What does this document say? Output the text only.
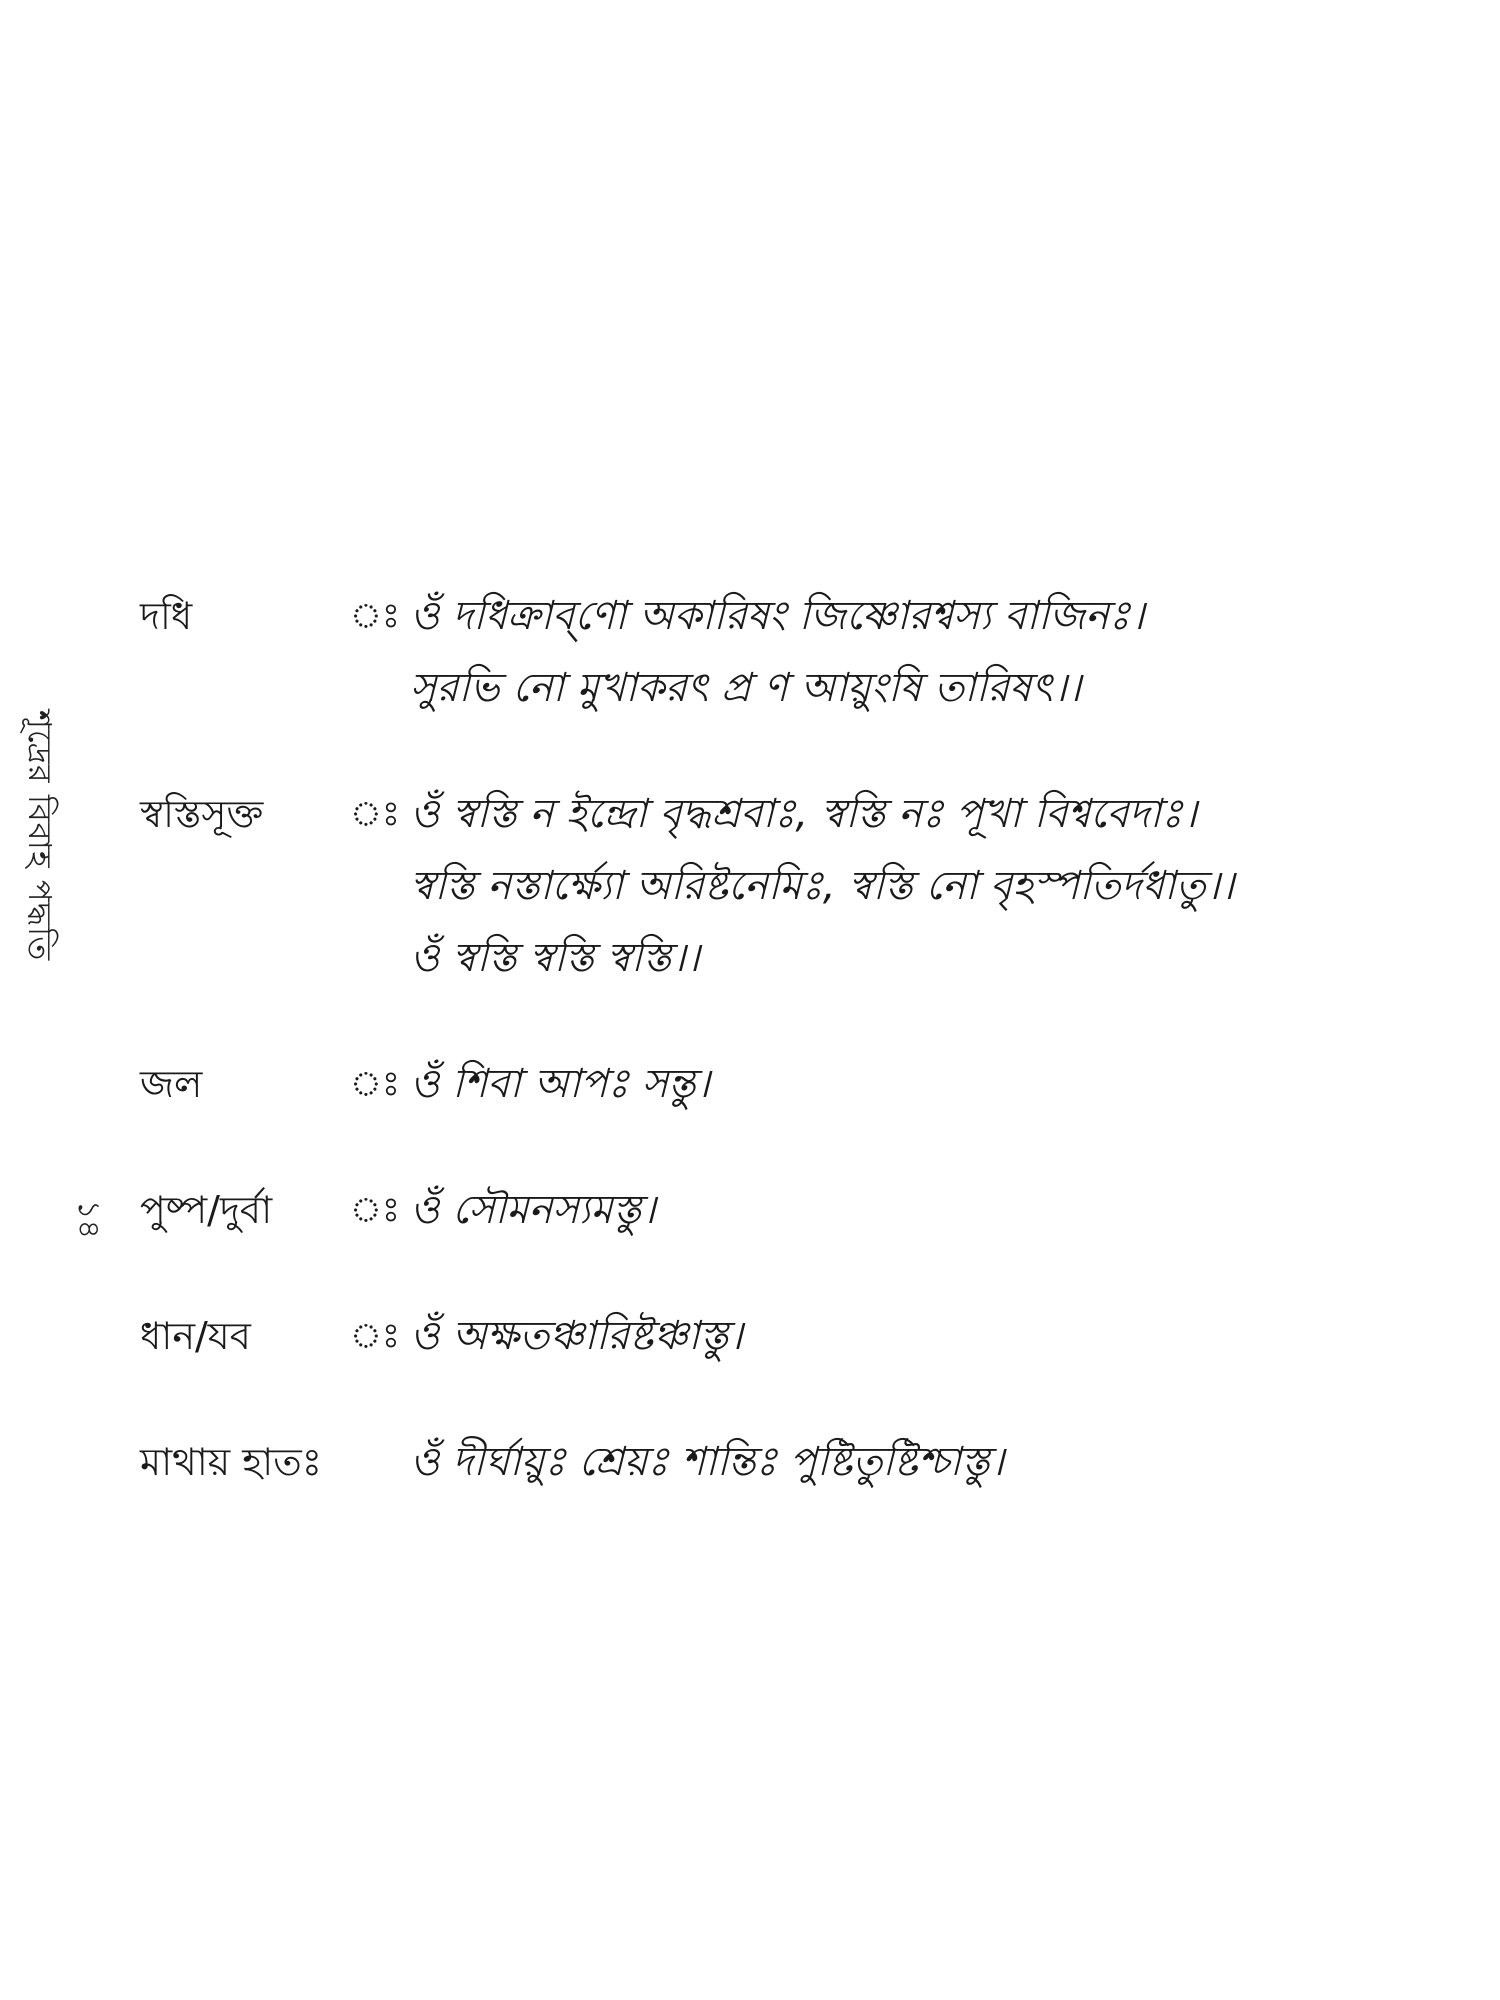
১৪
শূদ্রের বিবাহ পদ্ধতি
দধি	ঃ ওঁ দধিক্রাব্‌ণো অকারিষং জিষ্ণোরশ্বস্য বাজিনঃ।
সুরভি নো মুখাকরৎ প্র ণ আয়ুংষি তারিষৎ।।
স্বস্তিসূক্ত	ঃ ওঁ স্বস্তি ন ইন্দ্রো বৃদ্ধশ্রবাঃ, স্বস্তি নঃ পূখা বিশ্ববেদাঃ।
স্বস্তি নস্তার্ক্ষ্যো অরিষ্টনেমিঃ, স্বস্তি নো বৃহস্পতির্দধাতু।।
ওঁ স্বস্তি স্বস্তি স্বস্তি।।
জল	ঃ ওঁ শিবা আপঃ সন্তু।
পুষ্প/দুর্বা	ঃ ওঁ সৌমনস্যমস্তু।
ধান/যব	ঃ ওঁ অক্ষতঞ্চারিষ্টঞ্চাস্তু।
মাথায় হাতঃ	ওঁ দীর্ঘায়ুঃ শ্রেয়ঃ শান্তিঃ পুষ্টিতুষ্টিশ্চাস্তু।
